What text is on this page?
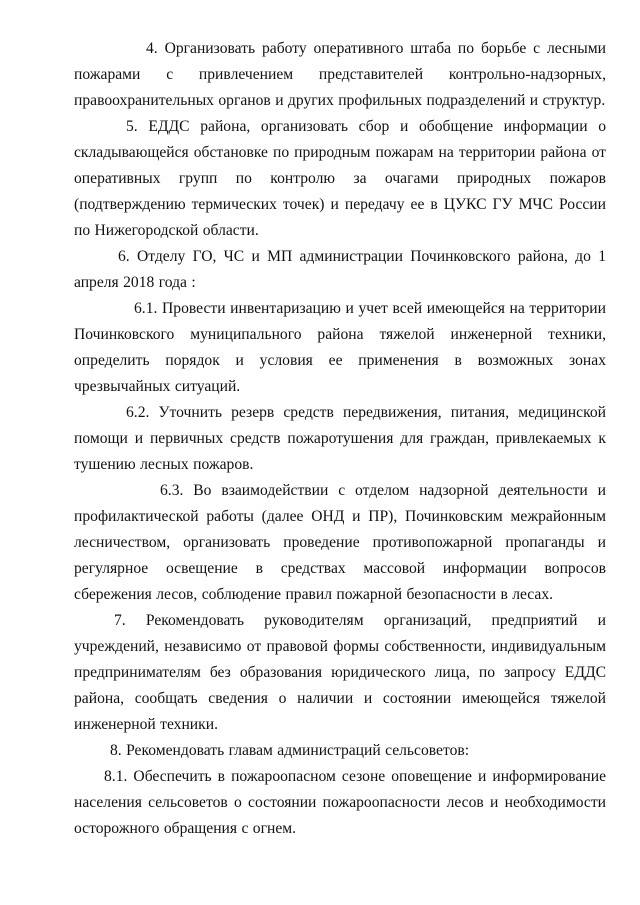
4. Организовать работу оперативного штаба по борьбе с лесными пожарами с привлечением представителей контрольно-надзорных, правоохранительных органов и других профильных подразделений и структур.

5. ЕДДС района, организовать сбор и обобщение информации о складывающейся обстановке по природным пожарам на территории района от оперативных групп по контролю за очагами природных пожаров (подтверждению термических точек) и передачу ее в ЦУКС ГУ МЧС России по Нижегородской области.

6. Отделу ГО, ЧС и МП администрации Починковского района, до 1 апреля 2018 года :

6.1. Провести инвентаризацию и учет всей имеющейся на территории Починковского муниципального района тяжелой инженерной техники, определить порядок и условия ее применения в возможных зонах чрезвычайных ситуаций.

6.2. Уточнить резерв средств передвижения, питания, медицинской помощи и первичных средств пожаротушения для граждан, привлекаемых к тушению лесных пожаров.

6.3. Во взаимодействии с отделом надзорной деятельности и профилактической работы (далее ОНД и ПР), Починковским межрайонным лесничеством, организовать проведение противопожарной пропаганды и регулярное освещение в средствах массовой информации вопросов сбережения лесов, соблюдение правил пожарной безопасности в лесах.

7. Рекомендовать руководителям организаций, предприятий и учреждений, независимо от правовой формы собственности, индивидуальным предпринимателям без образования юридического лица, по запросу ЕДДС района, сообщать сведения о наличии и состоянии имеющейся тяжелой инженерной техники.

8. Рекомендовать главам администраций сельсоветов:

8.1. Обеспечить в пожароопасном сезоне оповещение и информирование населения сельсоветов о состоянии пожароопасности лесов и необходимости осторожного обращения с огнем.
